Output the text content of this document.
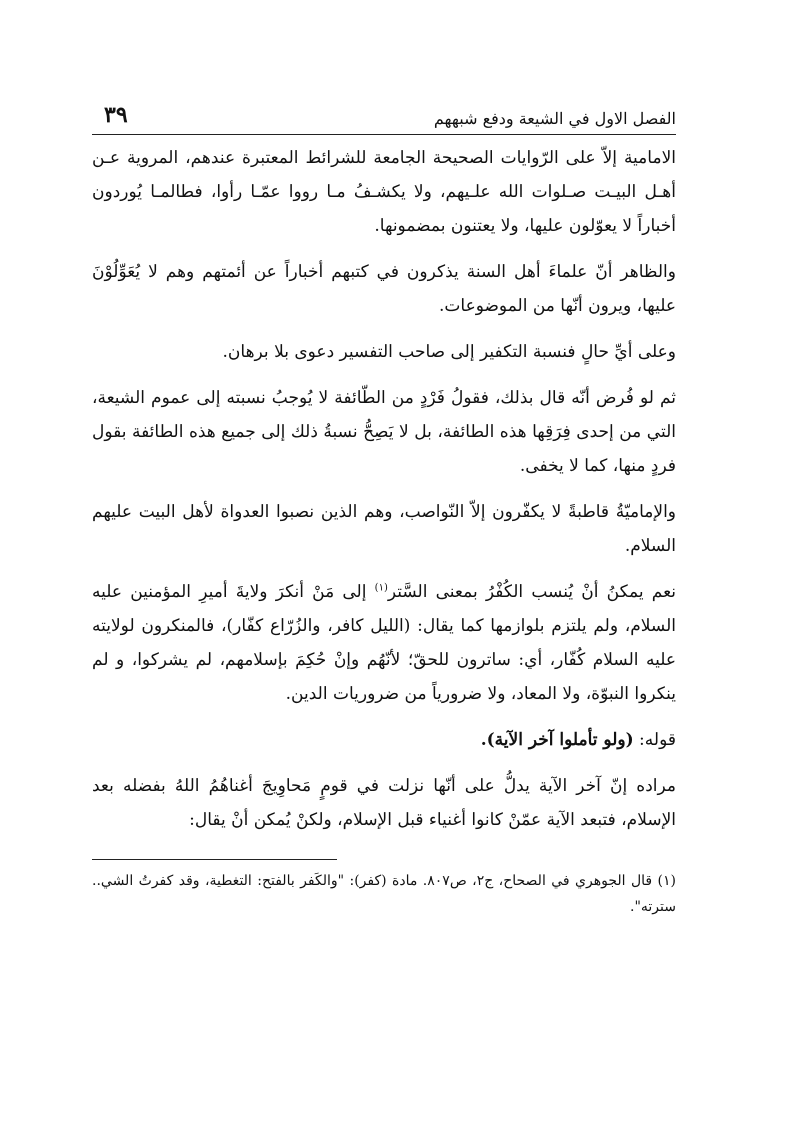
الفصل الاول في الشيعة ودفع شبههم
٣٩

الامامية إلاّ على الرّوايات الصحيحة الجامعة للشرائط المعتبرة عندهم، المروية عـن أهـل البيـت صـلوات الله علـيهم، ولا يكشـفُ مـا رووا عمّـا رأوا، فطالمـا يُوردون أخباراً لا يعوّلون عليها، ولا يعتنون بمضمونها.

والظاهر أنّ علماءَ أهل السنة يذكرون في كتبهم أخباراً عن أئمتهم وهم لا يُعَوِّلُوْنَ عليها، ويرون أنّها من الموضوعات.

وعلى أيِّ حالٍ فنسبة التكفير إلى صاحب التفسير دعوى بلا برهان.

ثم لو فُرض أنّه قال بذلك، فقولُ فَرْدٍ من الطّائفة لا يُوجبُ نسبته إلى عموم الشيعة، التي من إحدى فِرَقِها هذه الطائفة، بل لا يَصِحُّ نسبةُ ذلك إلى جميع هذه الطائفة بقول فردٍ منها، كما لا يخفى.

والإماميّةُ قاطبةً لا يكفّرون إلاّ النّواصب، وهم الذين نصبوا العدواة لأهل البيت عليهم السلام.

نعم يمكنُ أنْ يُنسب الكُفْرُ بمعنى السَّتر$^{(١)}$ إلى مَنْ أنكرَ ولايةَ أميرِ المؤمنين عليه السلام، ولم يلتزم بلوازمها كما يقال: (الليل كافر، والزُرّاع كفّار)، فالمنكرون لولايته عليه السلام كُفّار، أي: ساترون للحقّ؛ لأنّهُم وإنْ حُكِمَ بإسلامهم، لم يشركوا، و لم ينكروا النبوّة، ولا المعاد، ولا ضرورياً من ضروريات الدين.

قوله: (ولو تأملوا آخر الآية).

مراده إنّ آخر الآية يدلُّ على أنّها نزلت في قومٍ مَحاوِيجَ أغناهُمُ اللهُ بفضله بعد الإسلام، فتبعد الآية عمّنْ كانوا أغنياء قبل الإسلام، ولكنْ يُمكن أنْ يقال:

(١) قال الجوهري في الصحاح، ج٢، ص٨٠٧. مادة (كفر): "والكَفر بالفتح: التغطية، وقد كفرتُ الشي.. سترته".
